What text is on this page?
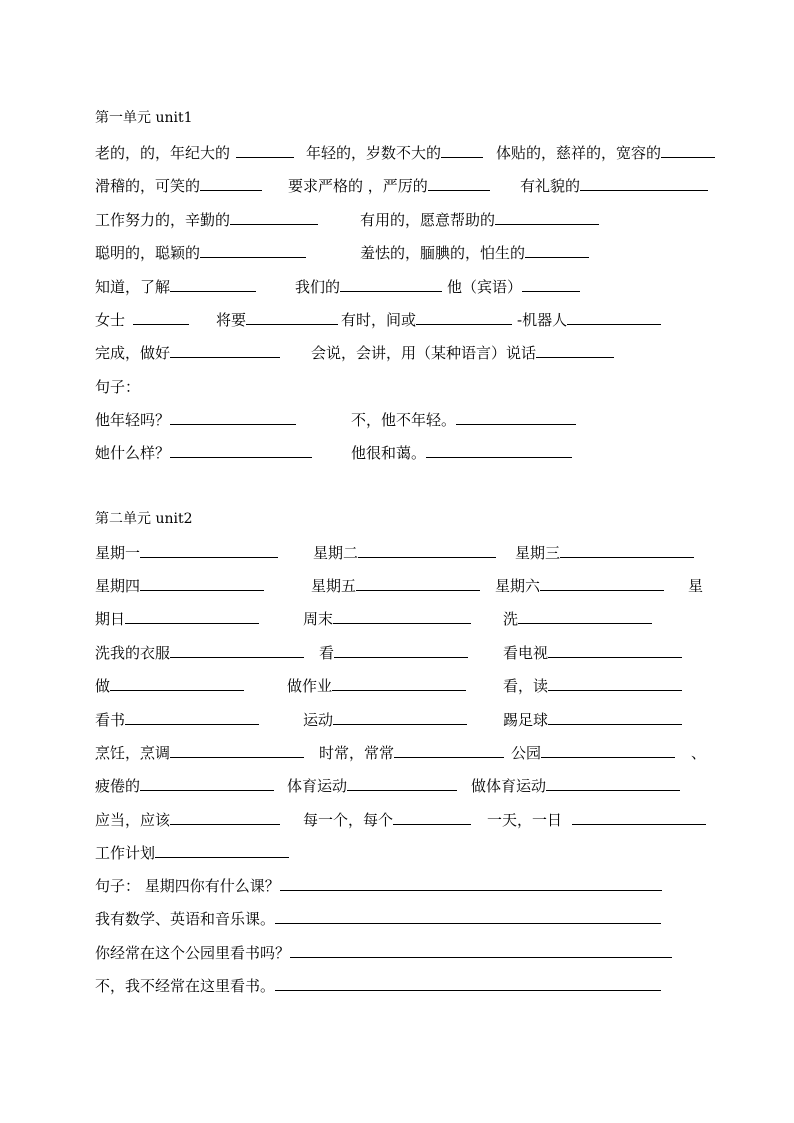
第一单元 unit1
老的，的，年纪大的	年轻的，岁数不大的	体贴的，慈祥的，宽容的
滑稽的，可笑的	要求严格的 ，严厉的	有礼貌的
工作努力的，辛勤的	有用的，愿意帮助的
聪明的，聪颖的	羞怯的，腼腆的，怕生的
知道，了解	我们的	他（宾语）
女士	将要	有时，间或	-机器人
完成，做好	会说，会讲，用（某种语言）说话
句子：
他年轻吗？	不，他不年轻。
她什么样？	他很和蔼。
第二单元 unit2
星期一	星期二	星期三
星期四	星期五	星期六	星
期日	周末	洗
洗我的衣服	看	看电视
做	做作业	看，读
看书	运动	踢足球
烹饪，烹调	时常，常常	公园	、
疲倦的	体育运动	做体育运动
应当，应该	每一个，每个	一天，一日
工作计划
句子： 星期四你有什么课？
我有数学、英语和音乐课。
你经常在这个公园里看书吗？
不，我不经常在这里看书。
